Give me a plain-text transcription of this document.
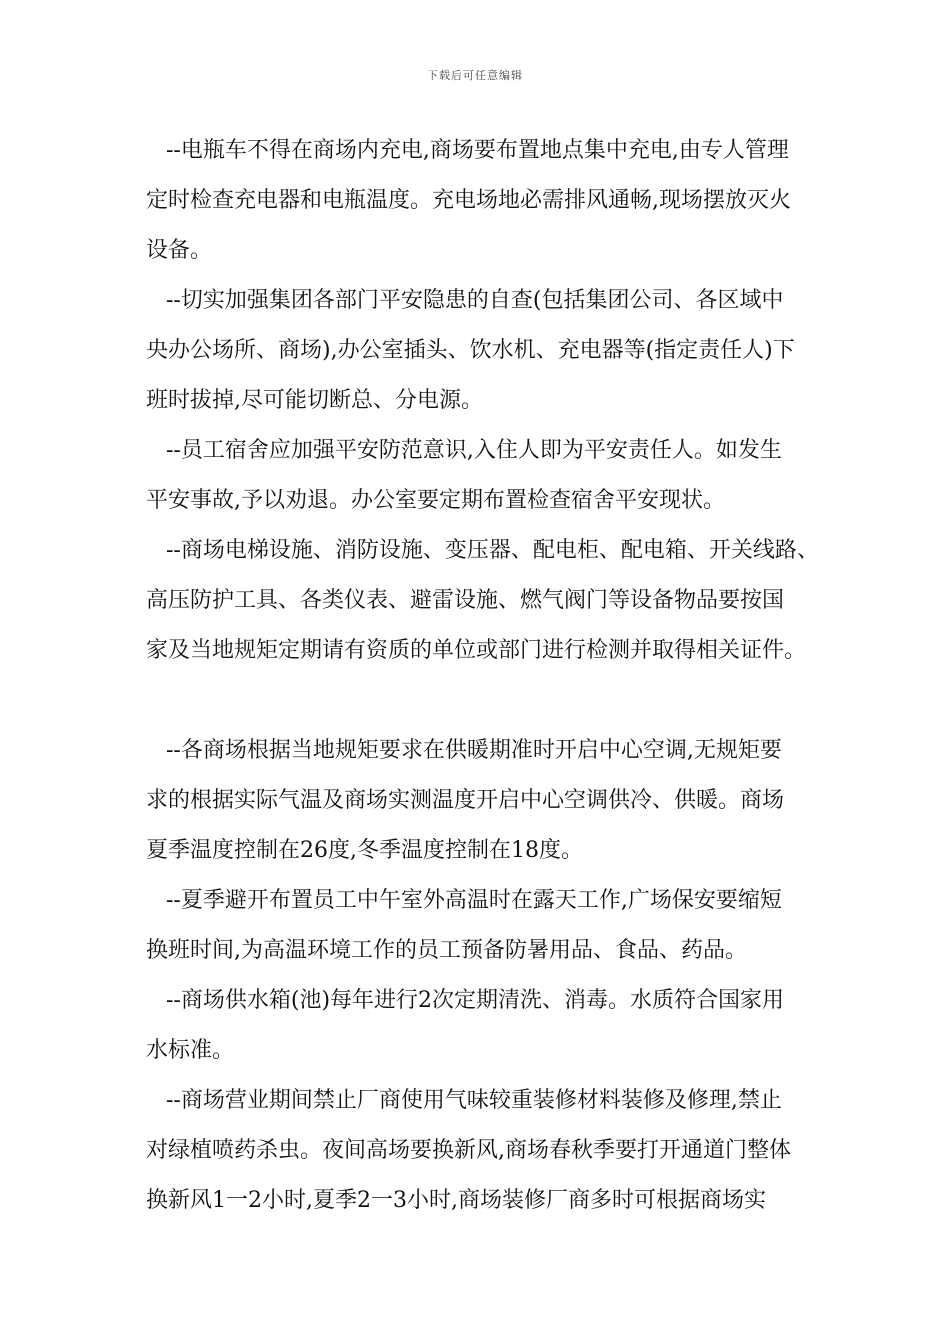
下载后可任意编辑
--电瓶车不得在商场内充电,商场要布置地点集中充电,由专人管理
定时检查充电器和电瓶温度。充电场地必需排风通畅,现场摆放灭火
设备。
--切实加强集团各部门平安隐患的自查(包括集团公司、各区域中
央办公场所、商场),办公室插头、饮水机、充电器等(指定责任人)下
班时拔掉,尽可能切断总、分电源。
--员工宿舍应加强平安防范意识,入住人即为平安责任人。如发生
平安事故,予以劝退。办公室要定期布置检查宿舍平安现状。
--商场电梯设施、消防设施、变压器、配电柜、配电箱、开关线路、
高压防护工具、各类仪表、避雷设施、燃气阀门等设备物品要按国
家及当地规矩定期请有资质的单位或部门进行检测并取得相关证件。
--各商场根据当地规矩要求在供暖期准时开启中心空调,无规矩要
求的根据实际气温及商场实测温度开启中心空调供冷、供暖。商场
夏季温度控制在26度,冬季温度控制在18度。
--夏季避开布置员工中午室外高温时在露天工作,广场保安要缩短
换班时间,为高温环境工作的员工预备防暑用品、食品、药品。
--商场供水箱(池)每年进行2次定期清洗、消毒。水质符合国家用
水标准。
--商场营业期间禁止厂商使用气味较重装修材料装修及修理,禁止
对绿植喷药杀虫。夜间高场要换新风,商场春秋季要打开通道门整体
换新风1一2小时,夏季2一3小时,商场装修厂商多时可根据商场实
